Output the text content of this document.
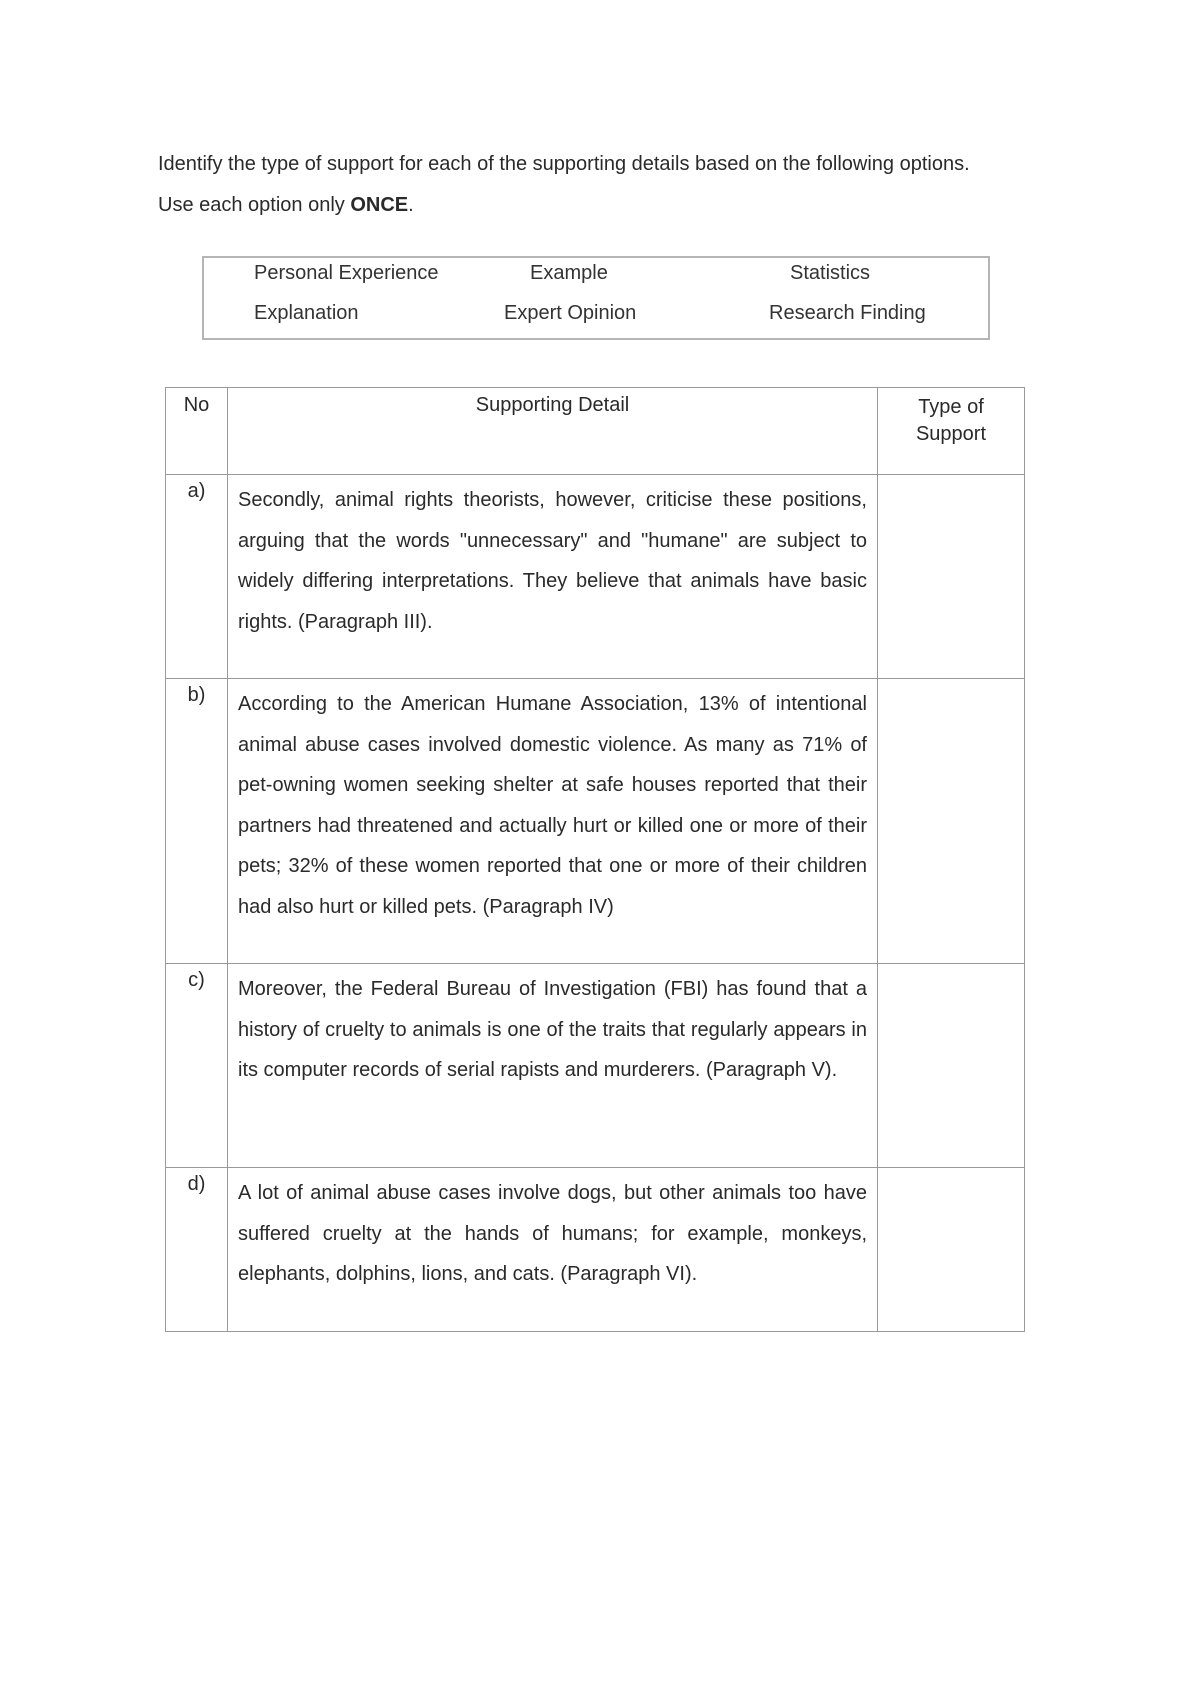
Identify the type of support for each of the supporting details based on the following options.

Use each option only ONCE.

Personal Experience	Example	Statistics
Explanation	Expert Opinion	Research Finding
No	Supporting Detail	Type of
Support
a)	Secondly, animal rights theorists, however, criticise these positions, arguing that the words "unnecessary" and "humane" are subject to widely differing interpretations. They believe that animals have basic rights. (Paragraph III).	
b)	According to the American Humane Association, 13% of intentional animal abuse cases involved domestic violence. As many as 71% of pet-owning women seeking shelter at safe houses reported that their partners had threatened and actually hurt or killed one or more of their pets; 32% of these women reported that one or more of their children had also hurt or killed pets. (Paragraph IV)	
c)	Moreover, the Federal Bureau of Investigation (FBI) has found that a history of cruelty to animals is one of the traits that regularly appears in its computer records of serial rapists and murderers. (Paragraph V).	
d)	A lot of animal abuse cases involve dogs, but other animals too have suffered cruelty at the hands of humans; for example, monkeys, elephants, dolphins, lions, and cats. (Paragraph VI).	
